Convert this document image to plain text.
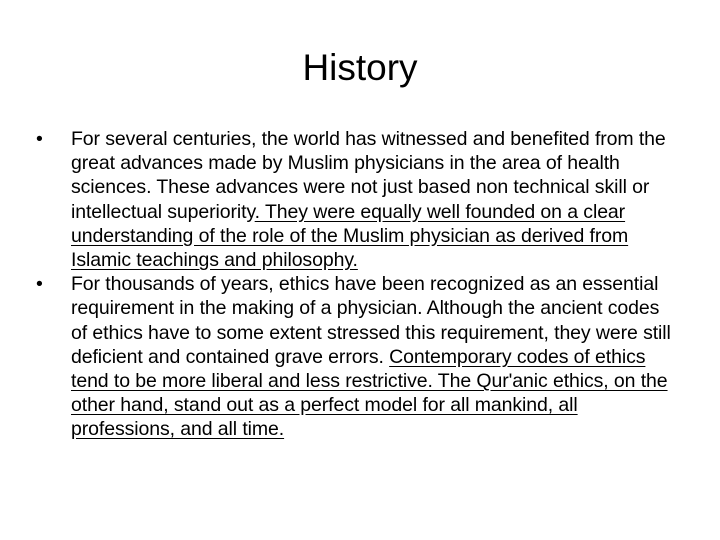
History
•	For several centuries, the world has witnessed and benefited from the great advances made by Muslim physicians in the area of health sciences. These advances were not just based non technical skill or intellectual superiority. They were equally well founded on a clear understanding of the role of the Muslim physician as derived from Islamic teachings and philosophy.
•	For thousands of years, ethics have been recognized as an essential requirement in the making of a physician. Although the ancient codes of ethics have to some extent stressed this requirement, they were still deficient and contained grave errors. Contemporary codes of ethics tend to be more liberal and less restrictive. The Qur'anic ethics, on the other hand, stand out as a perfect model for all mankind, all professions, and all time.
